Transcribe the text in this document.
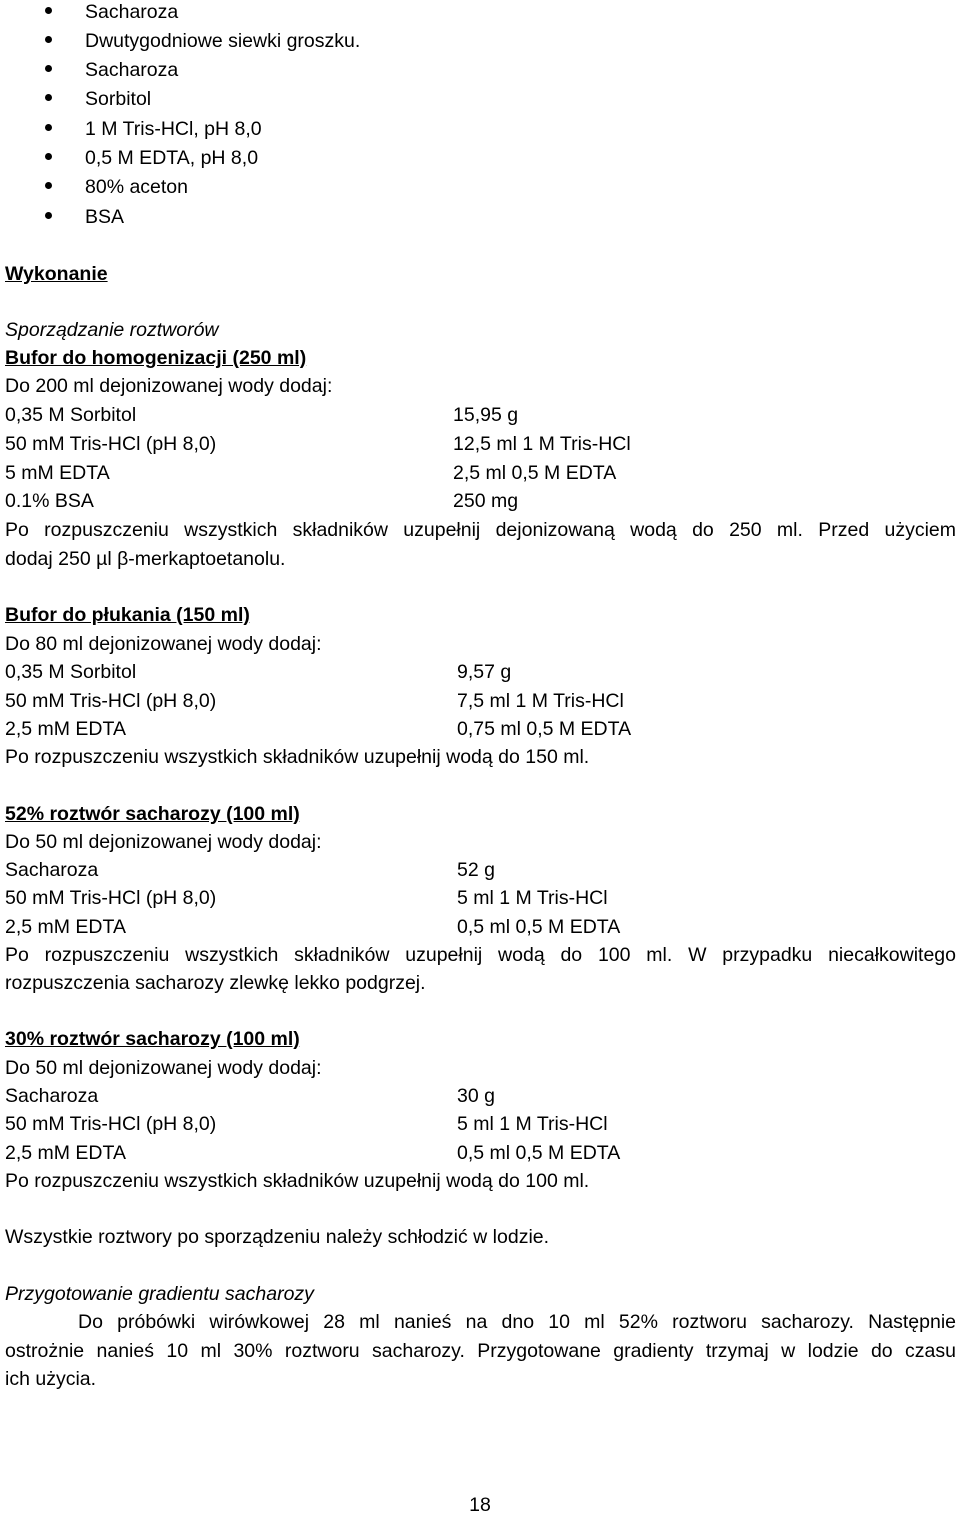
Sacharoza
Dwutygodniowe siewki groszku.
Sacharoza
Sorbitol
1 M Tris-HCl, pH 8,0
0,5 M EDTA, pH 8,0
80% aceton
BSA
Wykonanie
Sporządzanie roztworów
Bufor do homogenizacji (250 ml)
Do 200 ml dejonizowanej wody dodaj:
0,35 M Sorbitol	15,95 g
50 mM Tris-HCl (pH 8,0)	12,5 ml 1 M Tris-HCl
5 mM EDTA	2,5 ml 0,5 M EDTA
0.1% BSA	250 mg
Po rozpuszczeniu wszystkich składników uzupełnij dejonizowaną wodą do 250 ml. Przed użyciem
dodaj 250 µl β-merkaptoetanolu.
Bufor do płukania (150 ml)
Do 80 ml dejonizowanej wody dodaj:
0,35 M Sorbitol	9,57 g
50 mM Tris-HCl (pH 8,0)	7,5 ml 1 M Tris-HCl
2,5 mM EDTA	0,75 ml 0,5 M EDTA
Po rozpuszczeniu wszystkich składników uzupełnij wodą do 150 ml.
52% roztwór sacharozy (100 ml)
Do 50 ml dejonizowanej wody dodaj:
Sacharoza	52 g
50 mM Tris-HCl (pH 8,0)	5 ml 1 M Tris-HCl
2,5 mM EDTA	0,5 ml 0,5 M EDTA
Po rozpuszczeniu wszystkich składników uzupełnij wodą do 100 ml. W przypadku niecałkowitego
rozpuszczenia sacharozy zlewkę lekko podgrzej.
30% roztwór sacharozy (100 ml)
Do 50 ml dejonizowanej wody dodaj:
Sacharoza	30 g
50 mM Tris-HCl (pH 8,0)	5 ml 1 M Tris-HCl
2,5 mM EDTA	0,5 ml 0,5 M EDTA
Po rozpuszczeniu wszystkich składników uzupełnij wodą do 100 ml.
Wszystkie roztwory po sporządzeniu należy schłodzić w lodzie.
Przygotowanie gradientu sacharozy
Do próbówki wirówkowej 28 ml nanieś na dno 10 ml 52% roztworu sacharozy. Następnie
ostrożnie nanieś 10 ml 30% roztworu sacharozy. Przygotowane gradienty trzymaj w lodzie do czasu
ich użycia.
18
